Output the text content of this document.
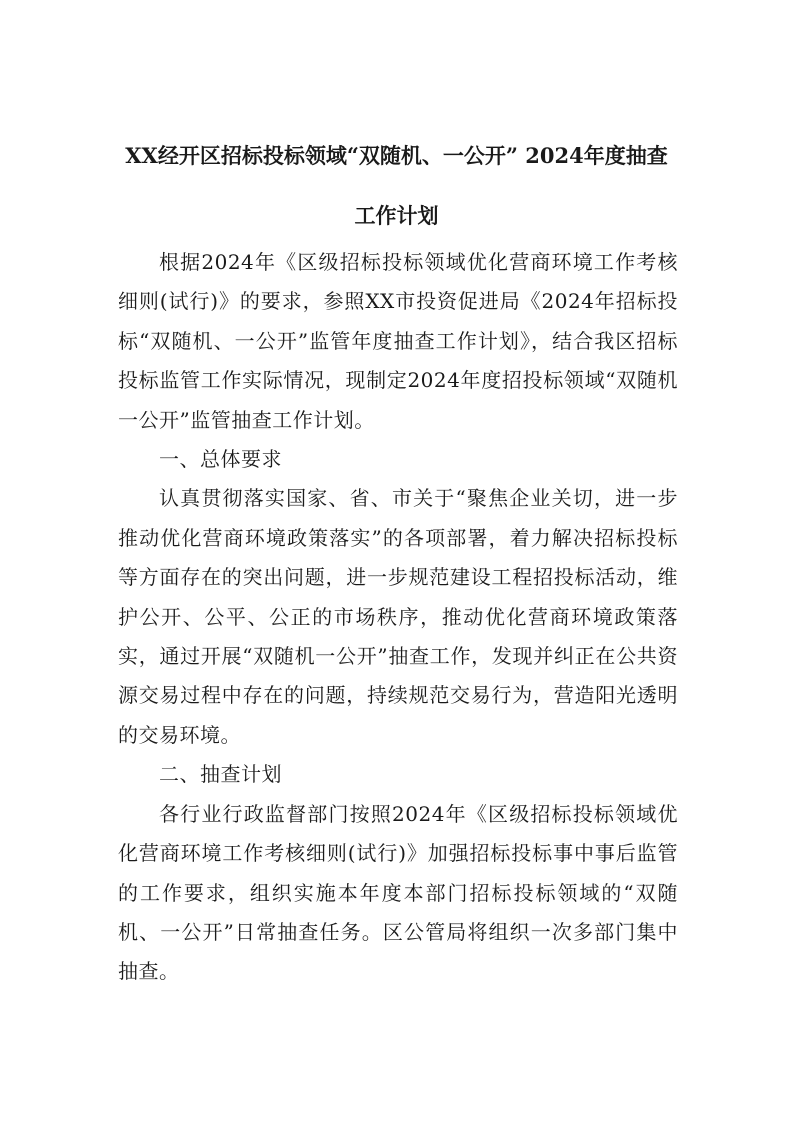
XX经开区招标投标领域“双随机、一公开” 2024年度抽查
工作计划

根据2024年《区级招标投标领域优化营商环境工作考核细则(试行)》的要求，参照XX市投资促进局《2024年招标投标“双随机、一公开”监管年度抽查工作计划》，结合我区招标投标监管工作实际情况，现制定2024年度招投标领域“双随机一公开”监管抽查工作计划。

一、总体要求

认真贯彻落实国家、省、市关于“聚焦企业关切，进一步推动优化营商环境政策落实”的各项部署，着力解决招标投标等方面存在的突出问题，进一步规范建设工程招投标活动，维护公开、公平、公正的市场秩序，推动优化营商环境政策落实，通过开展“双随机一公开”抽查工作，发现并纠正在公共资源交易过程中存在的问题，持续规范交易行为，营造阳光透明的交易环境。

二、抽查计划

各行业行政监督部门按照2024年《区级招标投标领域优化营商环境工作考核细则(试行)》加强招标投标事中事后监管的工作要求，组织实施本年度本部门招标投标领域的“双随机、一公开”日常抽查任务。区公管局将组织一次多部门集中抽查。
